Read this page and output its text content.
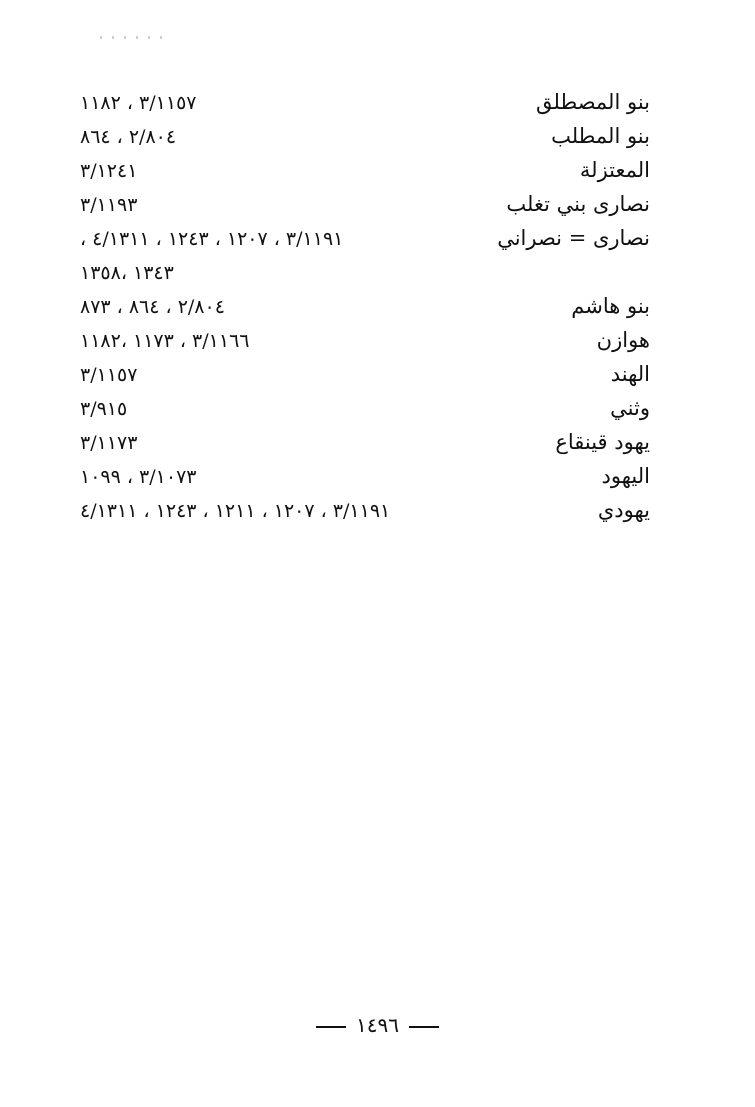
بنو المصطلق
٣/١١٥٧ ، ١١٨٢
بنو المطلب
٢/٨٠٤ ، ٨٦٤
المعتزلة
٣/١٢٤١
نصارى بني تغلب
٣/١١٩٣
نصارى = نصراني
٣/١١٩١ ، ١٢٠٧ ، ١٢٤٣ ، ٤/١٣١١ ،
١٣٤٣ ،١٣٥٨
بنو هاشم
٢/٨٠٤ ، ٨٦٤ ، ٨٧٣
هوازن
٣/١١٦٦ ، ١١٧٣ ،١١٨٢
الهند
٣/١١٥٧
وثني
٣/٩١٥
يهود قينقاع
٣/١١٧٣
اليهود
٣/١٠٧٣ ، ١٠٩٩
يهودي
٣/١١٩١ ، ١٢٠٧ ، ١٢١١ ، ١٢٤٣ ، ٤/١٣١١
١٤٩٦
